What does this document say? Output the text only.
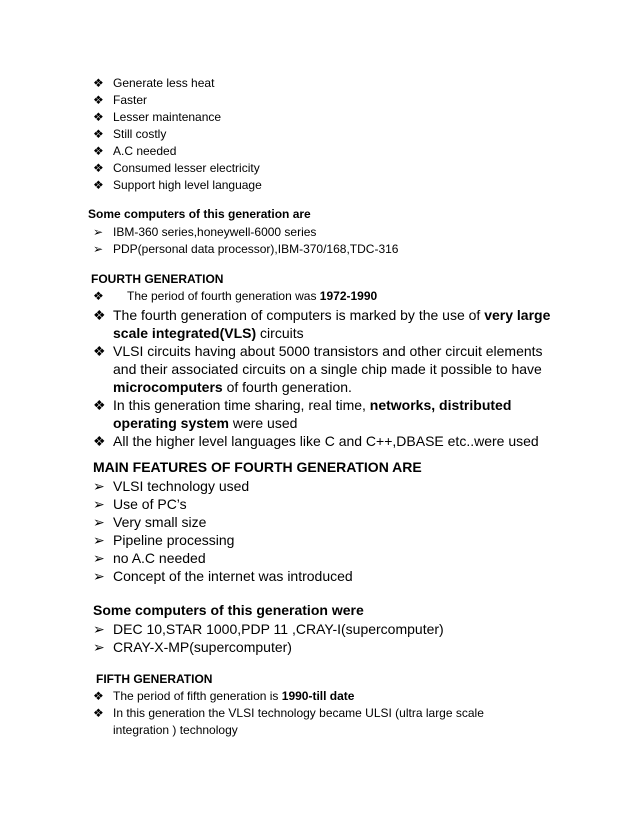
❖ Generate less heat
❖ Faster
❖ Lesser maintenance
❖ Still costly
❖ A.C needed
❖ Consumed lesser electricity
❖ Support high level language
Some computers of this generation are
➢ IBM-360 series,honeywell-6000 series
➢ PDP(personal data processor),IBM-370/168,TDC-316
FOURTH GENERATION
❖ The period of fourth generation was 1972-1990
❖ The fourth generation of computers is marked by the use of very large scale integrated(VLS) circuits
❖ VLSI circuits having about 5000 transistors and other circuit elements and their associated circuits on a single chip made it possible to have microcomputers of fourth generation.
❖ In this generation time sharing, real time, networks, distributed operating system were used
❖ All the higher level languages like C and C++,DBASE etc..were used
MAIN FEATURES OF FOURTH GENERATION ARE
➢ VLSI technology used
➢ Use of PC’s
➢ Very small size
➢ Pipeline processing
➢ no A.C needed
➢ Concept of the internet was introduced
Some computers of this generation were
➢ DEC 10,STAR 1000,PDP 11 ,CRAY-I(supercomputer)
➢ CRAY-X-MP(supercomputer)
FIFTH GENERATION
❖ The period of fifth generation is 1990-till date
❖ In this generation the VLSI technology became ULSI (ultra large scale integration ) technology
